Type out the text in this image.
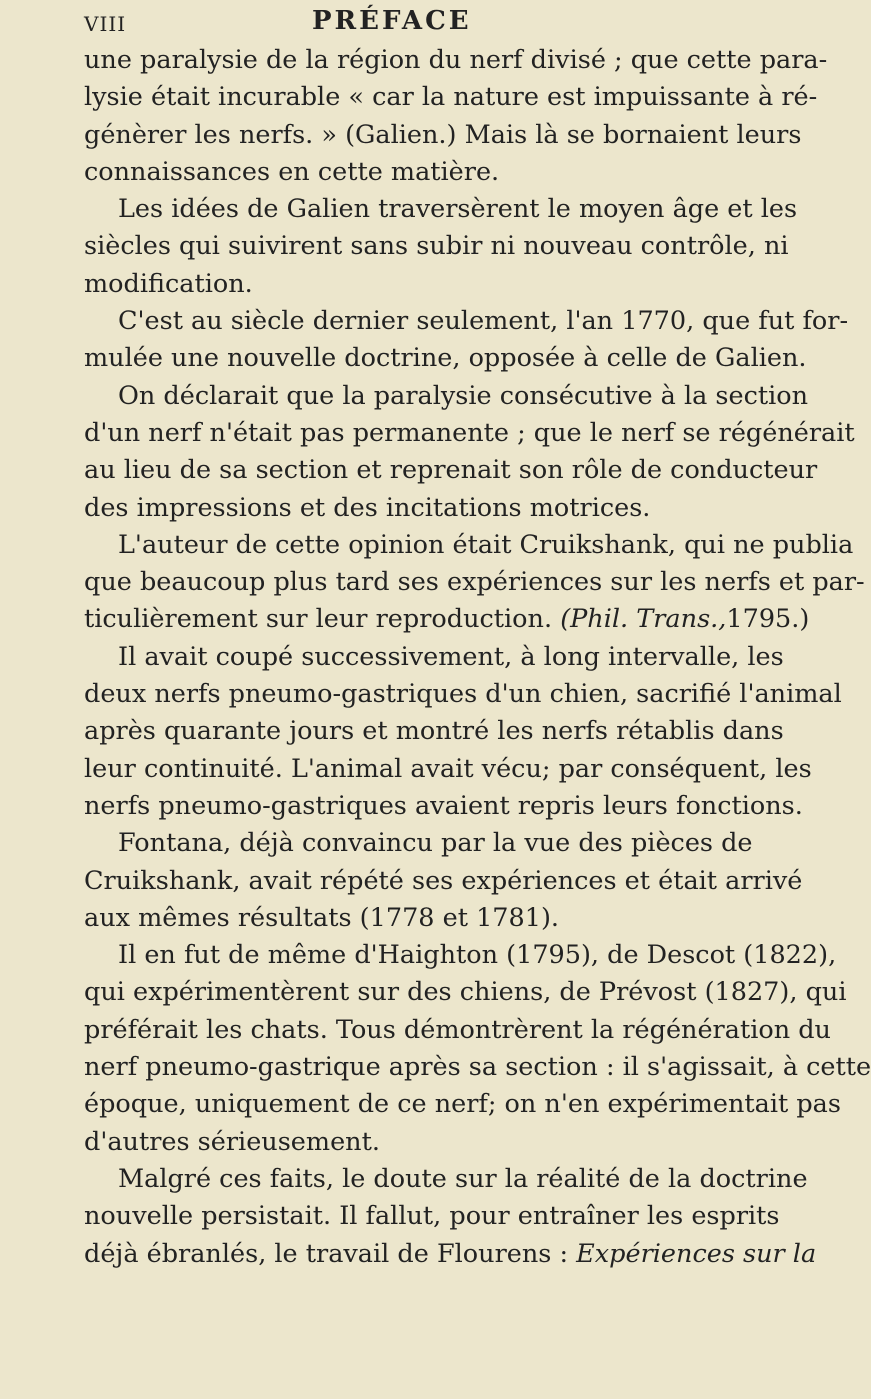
VIII	PRÉFACE
une paralysie de la région du nerf divisé ; que cette para-
lysie était incurable « car la nature est impuissante à ré-
génèrer les nerfs. » (Galien.) Mais là se bornaient leurs
connaissances en cette matière.
Les idées de Galien traversèrent le moyen âge et les
siècles qui suivirent sans subir ni nouveau contrôle, ni
modification.
C'est au siècle dernier seulement, l'an 1770, que fut for-
mulée une nouvelle doctrine, opposée à celle de Galien.
On déclarait que la paralysie consécutive à la section
d'un nerf n'était pas permanente ; que le nerf se régénérait
au lieu de sa section et reprenait son rôle de conducteur
des impressions et des incitations motrices.
L'auteur de cette opinion était Cruikshank, qui ne publia
que beaucoup plus tard ses expériences sur les nerfs et par-
ticulièrement sur leur reproduction. (Phil. Trans.,1795.)
Il avait coupé successivement, à long intervalle, les
deux nerfs pneumo-gastriques d'un chien, sacrifié l'animal
après quarante jours et montré les nerfs rétablis dans
leur continuité. L'animal avait vécu; par conséquent, les
nerfs pneumo-gastriques avaient repris leurs fonctions.
Fontana, déjà convaincu par la vue des pièces de
Cruikshank, avait répété ses expériences et était arrivé
aux mêmes résultats (1778 et 1781).
Il en fut de même d'Haighton (1795), de Descot (1822),
qui expérimentèrent sur des chiens, de Prévost (1827), qui
préférait les chats. Tous démontrèrent la régénération du
nerf pneumo-gastrique après sa section : il s'agissait, à cette
époque, uniquement de ce nerf; on n'en expérimentait pas
d'autres sérieusement.
Malgré ces faits, le doute sur la réalité de la doctrine
nouvelle persistait. Il fallut, pour entraîner les esprits
déjà ébranlés, le travail de Flourens : Expériences sur la
